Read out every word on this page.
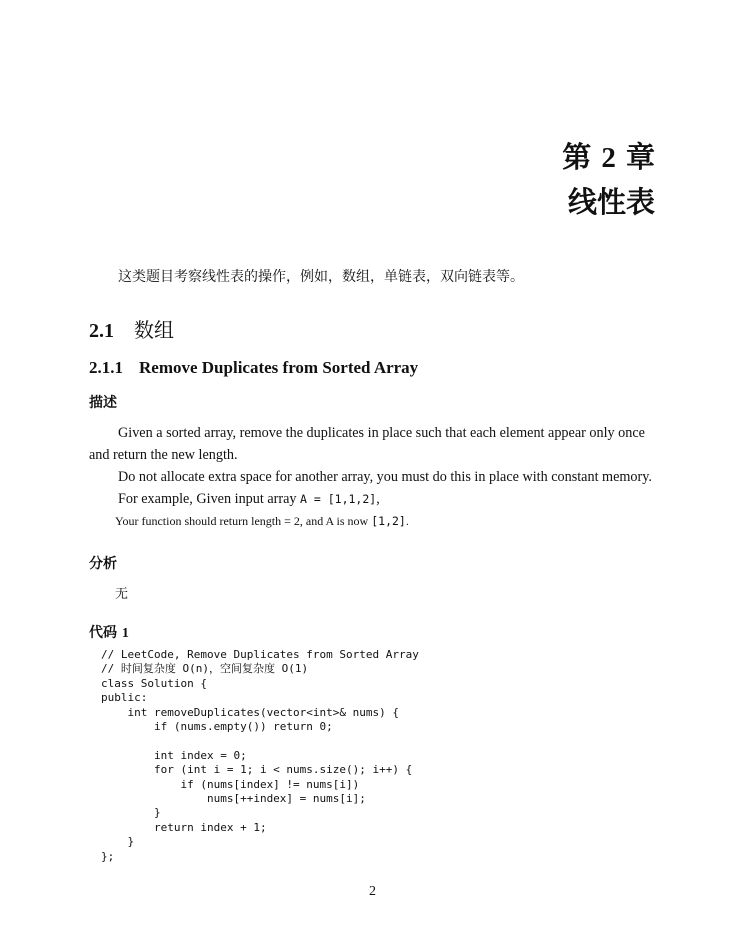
第 2 章
线性表
这类题目考察线性表的操作，例如，数组，单链表，双向链表等。
2.1 数组
2.1.1 Remove Duplicates from Sorted Array
描述
Given a sorted array, remove the duplicates in place such that each element appear only once and return the new length.
Do not allocate extra space for another array, you must do this in place with constant memory.
For example, Given input array A = [1,1,2],
Your function should return length = 2, and A is now [1,2].
分析
无
代码 1
// LeetCode, Remove Duplicates from Sorted Array
// 时间复杂度 O(n)，空间复杂度 O(1)
class Solution {
public:
int removeDuplicates(vector<int>& nums) {
if (nums.empty()) return 0;

int index = 0;
for (int i = 1; i < nums.size(); i++) {
if (nums[index] != nums[i])
nums[++index] = nums[i];
}
return index + 1;
}
};
2
